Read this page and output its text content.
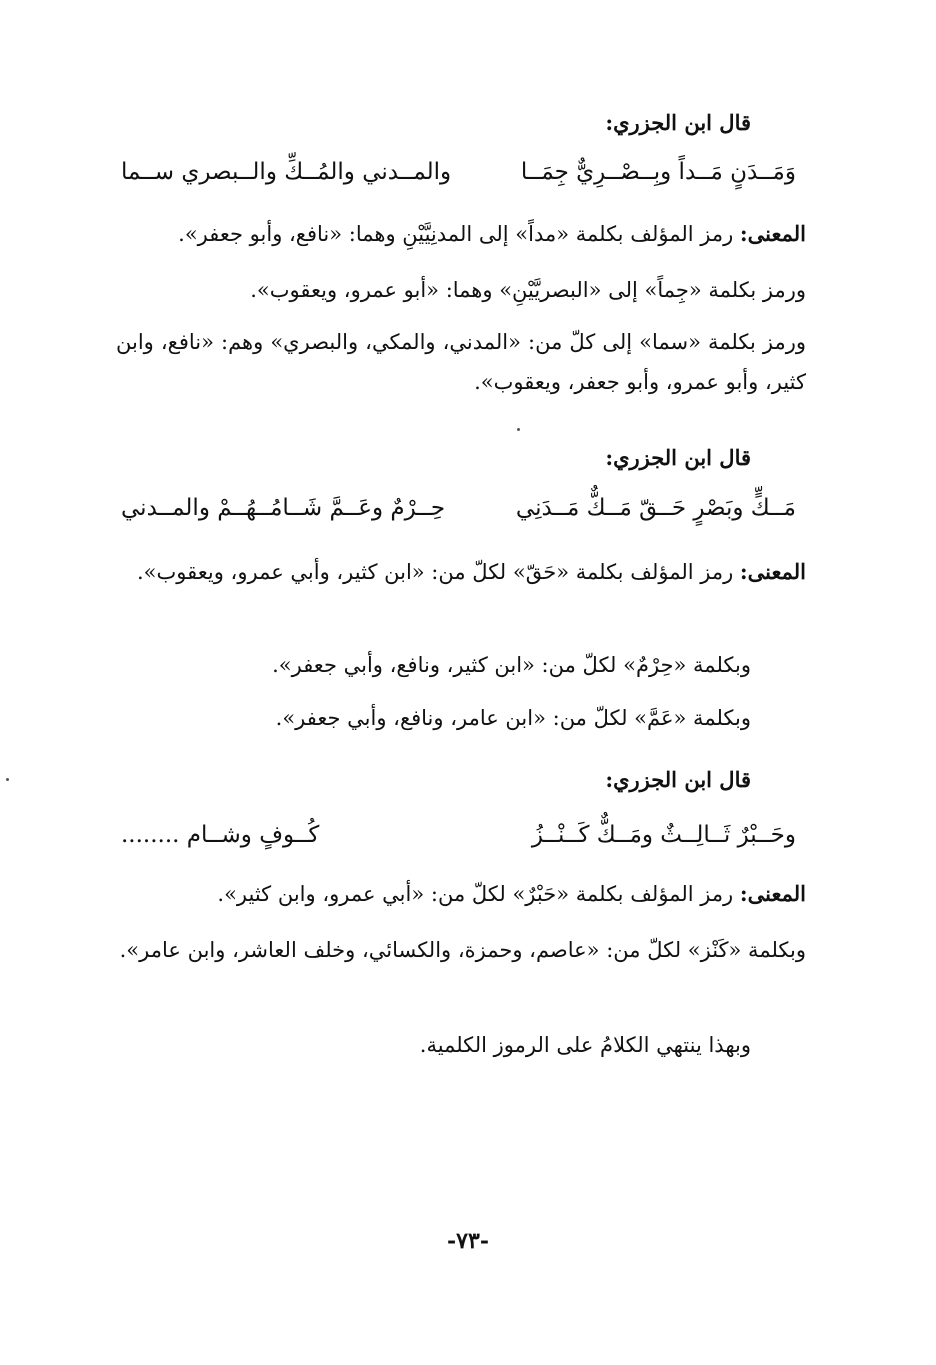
قال ابن الجزري:
وَمَــدَنٍ مَــداً وبِــصْــرِيٌّ جِمَــا
والمــدني والمُــكِّ والــبصري ســما
المعنى: رمز المؤلف بكلمة «مداً» إلى المدنِيَّيْنِ وهما: «نافع، وأبو جعفر».
ورمز بكلمة «جِماً» إلى «البصريَّيْنِ» وهما: «أبو عمرو، ويعقوب».
ورمز بكلمة «سما» إلى كلّ من: «المدني، والمكي، والبصري» وهم: «نافع، وابن كثير، وأبو عمرو، وأبو جعفر، ويعقوب».
قال ابن الجزري:
مَــكٍّ وبَصْرٍ حَــقّ مَــكٌّ مَــدَنِي
حِــرْمٌ وعَــمَّ شَــامُــهُــمْ والمــدني
المعنى: رمز المؤلف بكلمة «حَقّ» لكلّ من: «ابن كثير، وأبي عمرو، ويعقوب».
وبكلمة «حِرْمٌ» لكلّ من: «ابن كثير، ونافع، وأبي جعفر».
وبكلمة «عَمَّ» لكلّ من: «ابن عامر، ونافع، وأبي جعفر».
قال ابن الجزري:
وحَــبْرٌ ثَــالِــثٌ ومَــكٌّ كَــنْــزُ
كُــوفٍ وشــام ........
المعنى: رمز المؤلف بكلمة «حَبْرٌ» لكلّ من: «أبي عمرو، وابن كثير».
وبكلمة «كَنْز» لكلّ من: «عاصم، وحمزة، والكسائي، وخلف العاشر، وابن عامر».
وبهذا ينتهي الكلامُ على الرموز الكلمية.
-٧٣-
